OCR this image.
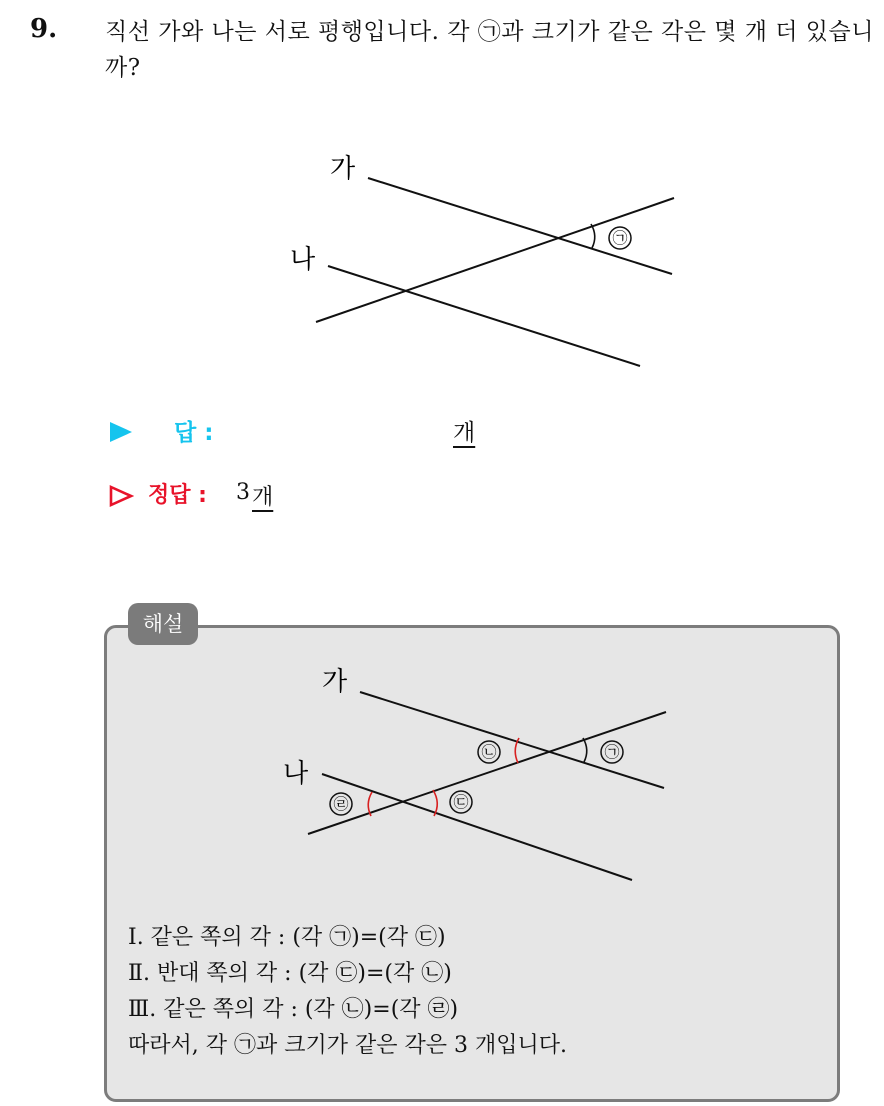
9. 직선 가와 나는 서로 평행입니다. 각 ㉠과 크기가 같은 각은 몇 개 더 있습니까?
㉠
가
나
답 :	개
정답 : 3 개
해설
㉠
㉡
㉢
㉣
가
나
Ⅰ. 같은 쪽의 각 : (각 ㉠)=(각 ㉢)
Ⅱ. 반대 쪽의 각 : (각 ㉢)=(각 ㉡)
Ⅲ. 같은 쪽의 각 : (각 ㉡)=(각 ㉣)
따라서, 각 ㉠과 크기가 같은 각은 3 개입니다.
